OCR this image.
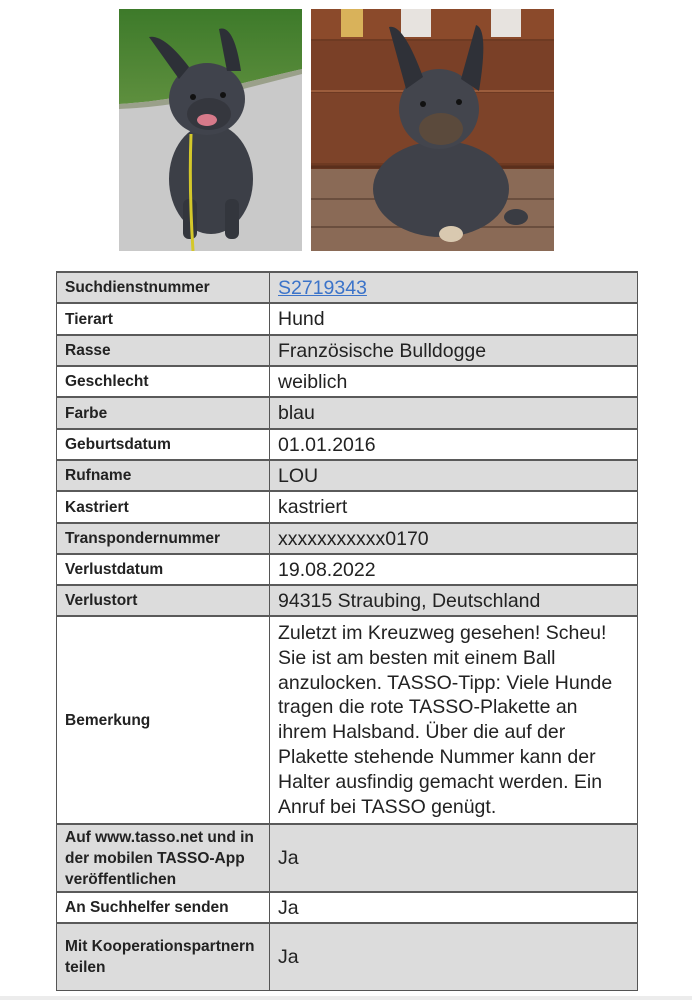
Suchdienstnummer	S2719343
Tierart	Hund
Rasse	Französische Bulldogge
Geschlecht	weiblich
Farbe	blau
Geburtsdatum	01.01.2016
Rufname	LOU
Kastriert	kastriert
Transpondernummer	xxxxxxxxxxx0170
Verlustdatum	19.08.2022
Verlustort	94315 Straubing, Deutschland
Bemerkung	Zuletzt im Kreuzweg gesehen! Scheu! Sie ist am besten mit einem Ball anzulocken. TASSO-Tipp: Viele Hunde tragen die rote TASSO-Plakette an ihrem Halsband. Über die auf der Plakette stehende Nummer kann der Halter ausfindig gemacht werden. Ein Anruf bei TASSO genügt.
Auf www.tasso.net und in der mobilen TASSO-App veröffentlichen	Ja
An Suchhelfer senden	Ja
Mit Kooperationspartnern teilen	Ja
